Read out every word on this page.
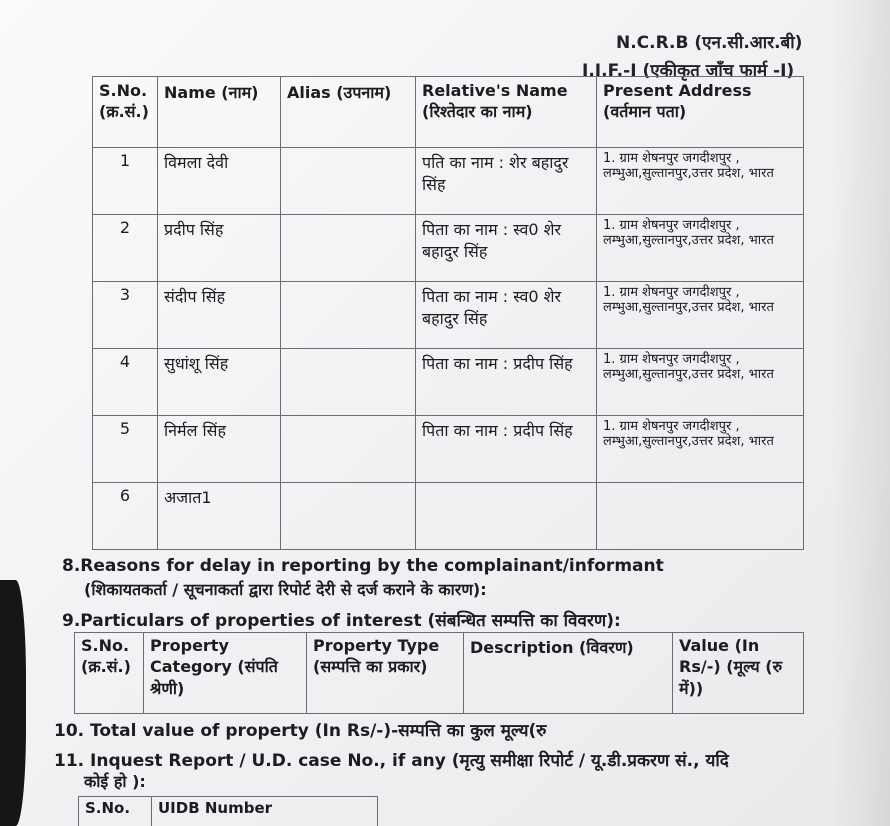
N.C.R.B (एन.सी.आर.बी)
I.I.F.-I (एकीकृत जाँच फार्म -I)
S.No. (क्र.सं.)	Name (नाम)	Alias (उपनाम)	Relative's Name (रिश्तेदार का नाम)	Present Address (वर्तमान पता)
1	विमला देवी		पति का नाम : शेर बहादुर सिंह	1. ग्राम शेषनपुर जगदीशपुर , लम्भुआ,सुल्तानपुर,उत्तर प्रदेश, भारत
2	प्रदीप सिंह		पिता का नाम : स्व0 शेर बहादुर सिंह	1. ग्राम शेषनपुर जगदीशपुर , लम्भुआ,सुल्तानपुर,उत्तर प्रदेश, भारत
3	संदीप सिंह		पिता का नाम : स्व0 शेर बहादुर सिंह	1. ग्राम शेषनपुर जगदीशपुर , लम्भुआ,सुल्तानपुर,उत्तर प्रदेश, भारत
4	सुधांशू सिंह		पिता का नाम : प्रदीप सिंह	1. ग्राम शेषनपुर जगदीशपुर , लम्भुआ,सुल्तानपुर,उत्तर प्रदेश, भारत
5	निर्मल सिंह		पिता का नाम : प्रदीप सिंह	1. ग्राम शेषनपुर जगदीशपुर , लम्भुआ,सुल्तानपुर,उत्तर प्रदेश, भारत
6	अजात1			
8.Reasons for delay in reporting by the complainant/informant
(शिकायतकर्ता / सूचनाकर्ता द्वारा रिपोर्ट देरी से दर्ज कराने के कारण):
9.Particulars of properties of interest (संबन्धित सम्पत्ति का विवरण):
S.No. (क्र.सं.)	Property Category (संपति श्रेणी)	Property Type (सम्पत्ति का प्रकार)	Description (विवरण)	Value (In Rs/-) (मूल्य (रु में))
10. Total value of property (In Rs/-)-सम्पत्ति का कुल मूल्य(रु
11. Inquest Report / U.D. case No., if any (मृत्यु समीक्षा रिपोर्ट / यू.डी.प्रकरण सं., यदि
कोई हो ):
S.No.	UIDB Number
